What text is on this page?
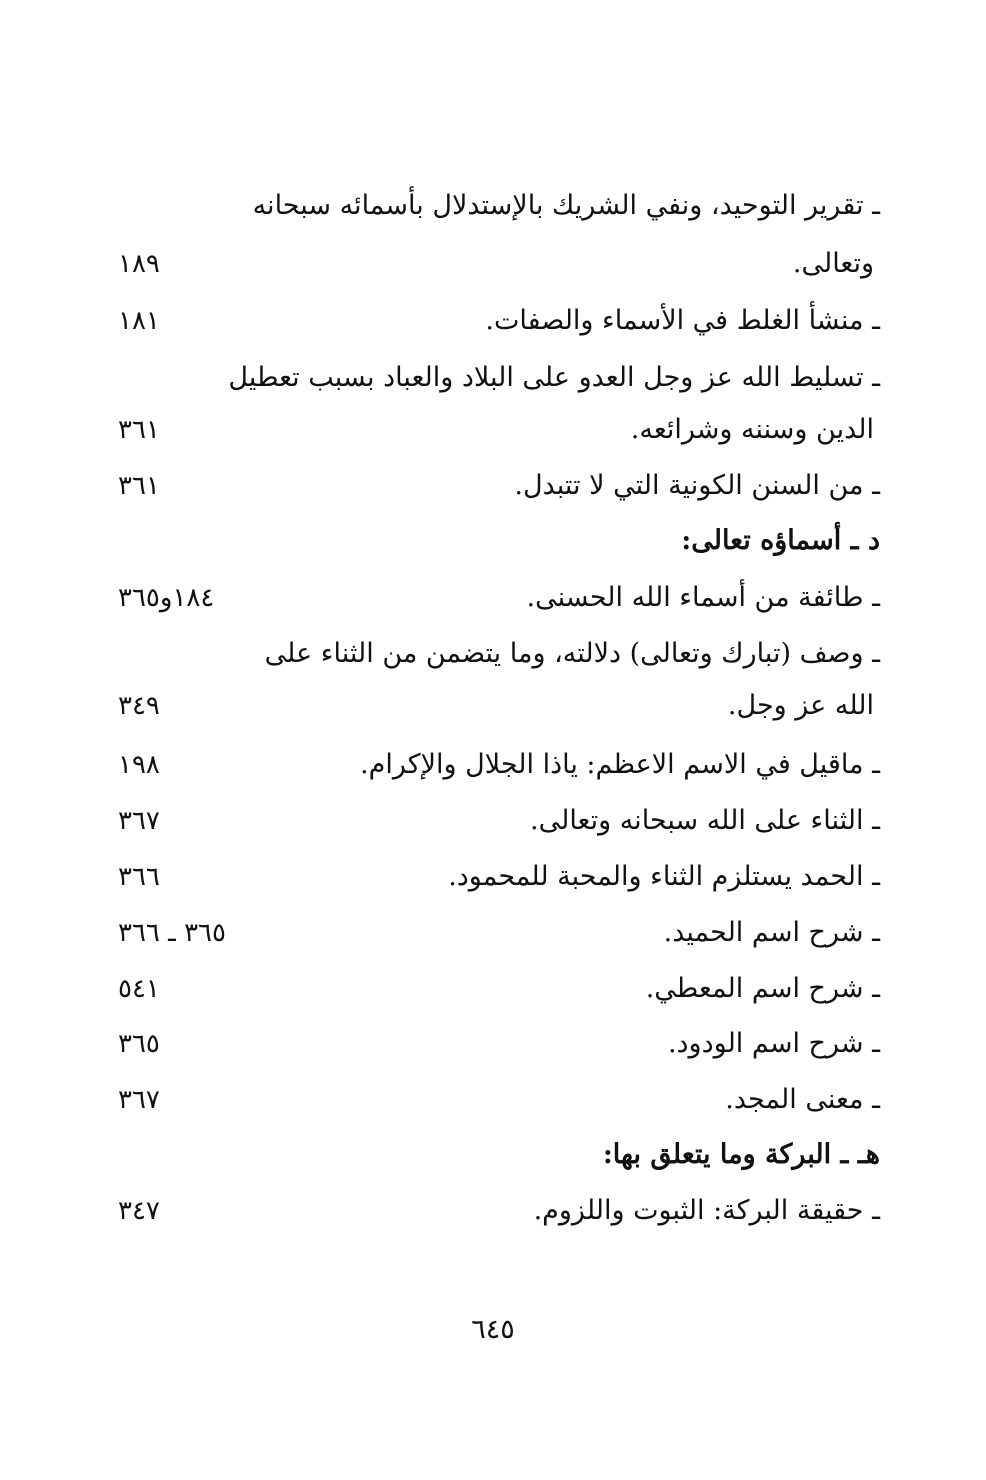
ـ تقرير التوحيد، ونفي الشريك بالإستدلال بأسمائه سبحانه
وتعالى.
١٨٩
ـ منشأ الغلط في الأسماء والصفات.
١٨١
ـ تسليط الله عز وجل العدو على البلاد والعباد بسبب تعطيل
الدين وسننه وشرائعه.
٣٦١
ـ من السنن الكونية التي لا تتبدل.
٣٦١
د ـ أسماؤه تعالى:
ـ طائفة من أسماء الله الحسنى.
١٨٤و٣٦٥
ـ وصف (تبارك وتعالى) دلالته، وما يتضمن من الثناء على
الله عز وجل.
٣٤٩
ـ ماقيل في الاسم الاعظم: ياذا الجلال والإكرام.
١٩٨
ـ الثناء على الله سبحانه وتعالى.
٣٦٧
ـ الحمد يستلزم الثناء والمحبة للمحمود.
٣٦٦
ـ شرح اسم الحميد.
٣٦٥ ـ ٣٦٦
ـ شرح اسم المعطي.
٥٤١
ـ شرح اسم الودود.
٣٦٥
ـ معنى المجد.
٣٦٧
هـ ـ البركة وما يتعلق بها:
ـ حقيقة البركة: الثبوت واللزوم.
٣٤٧
٦٤٥
